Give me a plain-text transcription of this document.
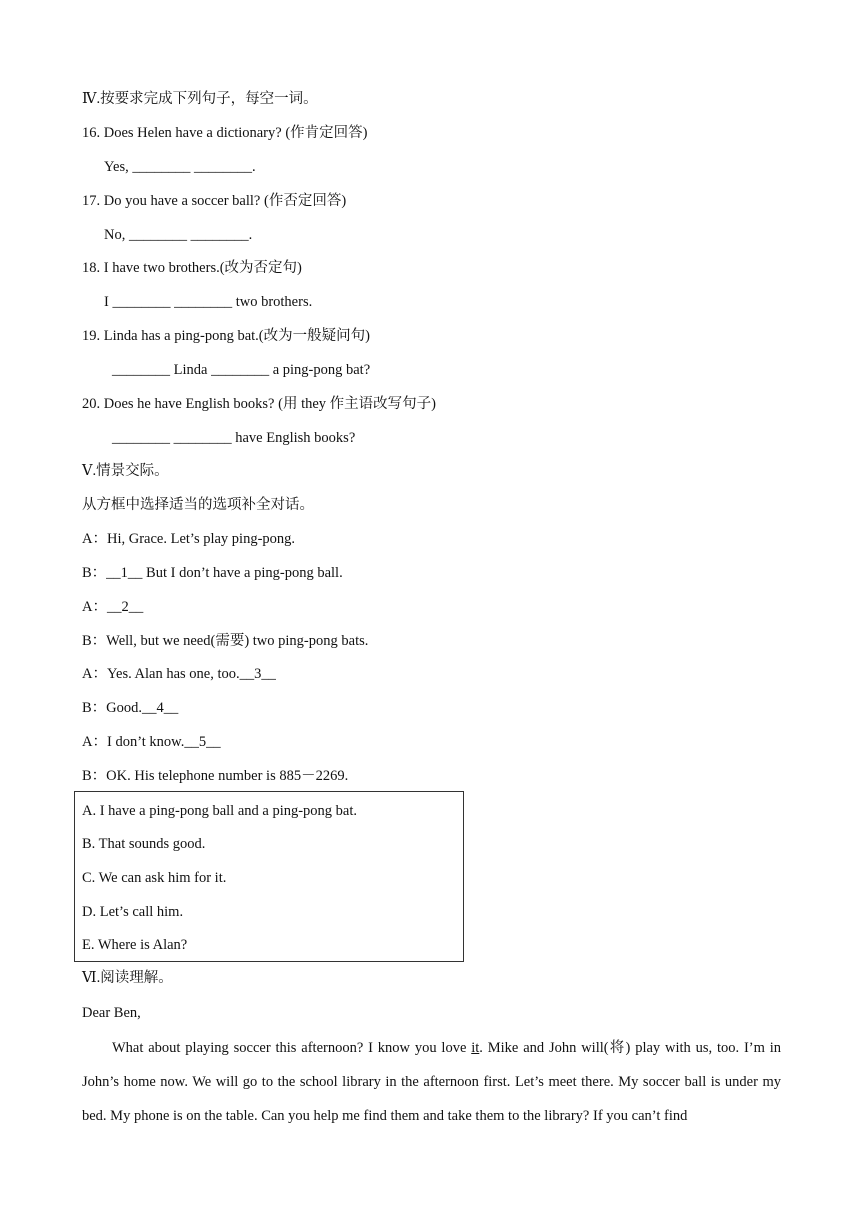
Ⅳ.按要求完成下列句子，每空一词。
16. Does Helen have a dictionary? (作肯定回答)
Yes, ________ ________.
17. Do you have a soccer ball? (作否定回答)
No, ________ ________.
18. I have two brothers.(改为否定句)
I ________ ________ two brothers.
19. Linda has a ping-pong bat.(改为一般疑问句)
________ Linda ________ a ping-pong bat?
20. Does he have English books? (用 they 作主语改写句子)
________ ________ have English books?
Ⅴ.情景交际。
从方框中选择适当的选项补全对话。
A：Hi, Grace. Let’s play ping-pong.
B：__1__ But I don’t have a ping-pong ball.
A：__2__
B：Well, but we need(需要) two ping-pong bats.
A：Yes. Alan has one, too.__3__
B：Good.__4__
A：I don’t know.__5__
B：OK. His telephone number is 885－2269.
A. I have a ping-pong ball and a ping-pong bat.
B. That sounds good.
C. We can ask him for it.
D. Let’s call him.
E. Where is Alan?
Ⅵ.阅读理解。
Dear Ben,
What about playing soccer this afternoon? I know you love it. Mike and John will(将) play with us, too. I’m in John’s home now. We will go to the school library in the afternoon first. Let’s meet there. My soccer ball is under my bed. My phone is on the table. Can you help me find them and take them to the library? If you can’t find
